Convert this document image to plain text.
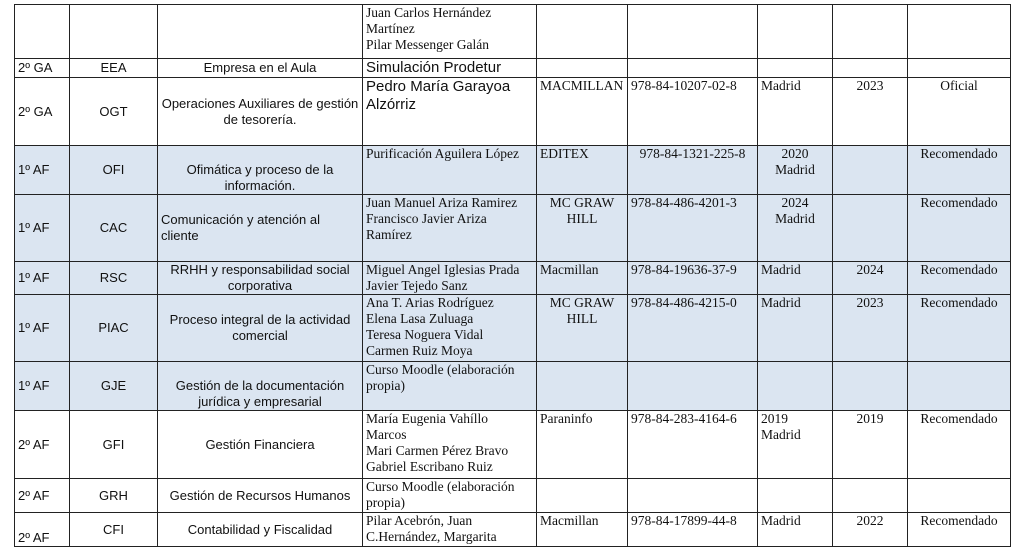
			Juan Carlos Hernández
Martínez
Pilar Messenger Galán					

2º GA	EEA	Empresa en el Aula	Simulación Prodetur					

2º GA	OGT	Operaciones Auxiliares de gestión de tesorería.	Pedro María Garayoa
Alzórriz	MACMILLAN	978-84-10207-02-8	Madrid	2023	Oficial
1º AF	OFI	Ofimática y proceso de la información.	Purificación Aguilera López	EDITEX	978-84-1321-225-8	2020 Madrid		Recomendado
1º AF	CAC	Comunicación y atención al cliente	Juan Manuel Ariza Ramirez
Francisco Javier Ariza
Ramírez	MC GRAW HILL	978-84-486-4201-3	2024 Madrid		Recomendado
1º AF	RSC	RRHH y responsabilidad social corporativa	Miguel Angel Iglesias Prada
Javier Tejedo Sanz	Macmillan	978-84-19636-37-9	Madrid	2024	Recomendado
1º AF	PIAC	Proceso integral de la actividad comercial	Ana T. Arias Rodríguez
Elena Lasa Zuluaga
Teresa Noguera Vidal
Carmen Ruiz Moya	MC GRAW HILL	978-84-486-4215-0	Madrid	2023	Recomendado
1º AF	GJE	Gestión de la documentación jurídica y empresarial	Curso Moodle (elaboración
propia)					

2º AF	GFI	Gestión Financiera	María Eugenia Vahíllo
Marcos
Mari Carmen Pérez Bravo
Gabriel Escribano Ruiz	Paraninfo	978-84-283-4164-6	2019 Madrid	2019	Recomendado
2º AF	GRH	Gestión de Recursos Humanos	Curso Moodle (elaboración
propia)					

2º AF	CFI	Contabilidad y Fiscalidad	Pilar Acebrón, Juan
C.Hernández, Margarita	Macmillan	978-84-17899-44-8	Madrid	2022	Recomendado
